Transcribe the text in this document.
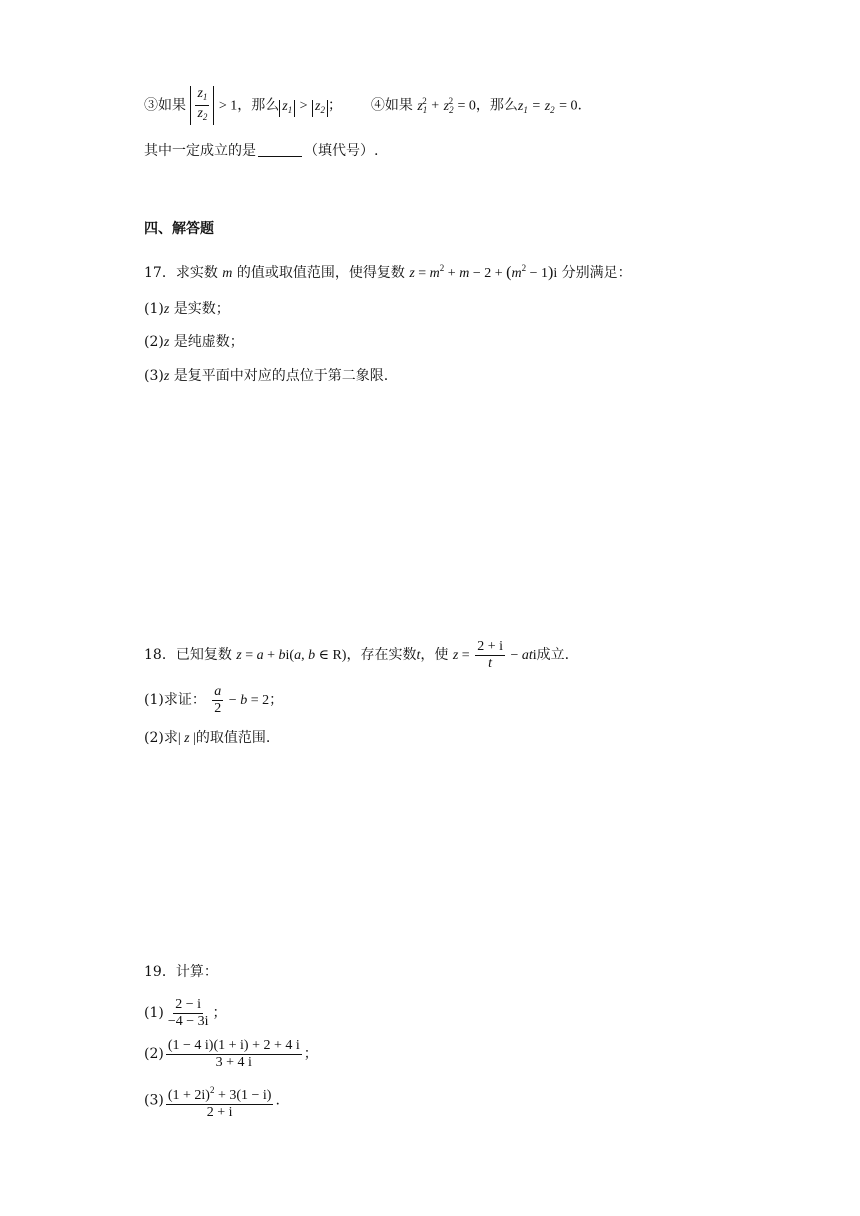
③如果 $\frac{z_1}{z_2} > 1$，那么 $z_1 > z_2$ ； ④如果 $z_1^2 + z_2^2 = 0$，那么$z_1 = z_2 = 0$.
其中一定成立的是	（填代号）.
四、解答题
17．求实数 m 的值或取值范围，使得复数 $z = m^2 + m - 2 + (m^2 - 1)i$ 分别满足：
(1)z 是实数；
(2)z 是纯虚数；
(3)z 是复平面中对应的点位于第二象限.
18．已知复数 z = a + bi(a, b ∈ R)，存在实数t，使 $z = \frac{2 + i}{t}$ − ati成立.
(1)求证： $\frac{a}{2} - b = 2$；
(2)求| z |的取值范围.
19．计算：
$(1) \frac{2 - i}{-4 - 3i}$ ；
$(2) \frac{(1 - 4 i)(1 + i) + 2 + 4 i}{3 + 4 i}$ ；
$(3) \frac{(1 + 2i)^2 + 3(1 - i)}{2 + i}$ .
